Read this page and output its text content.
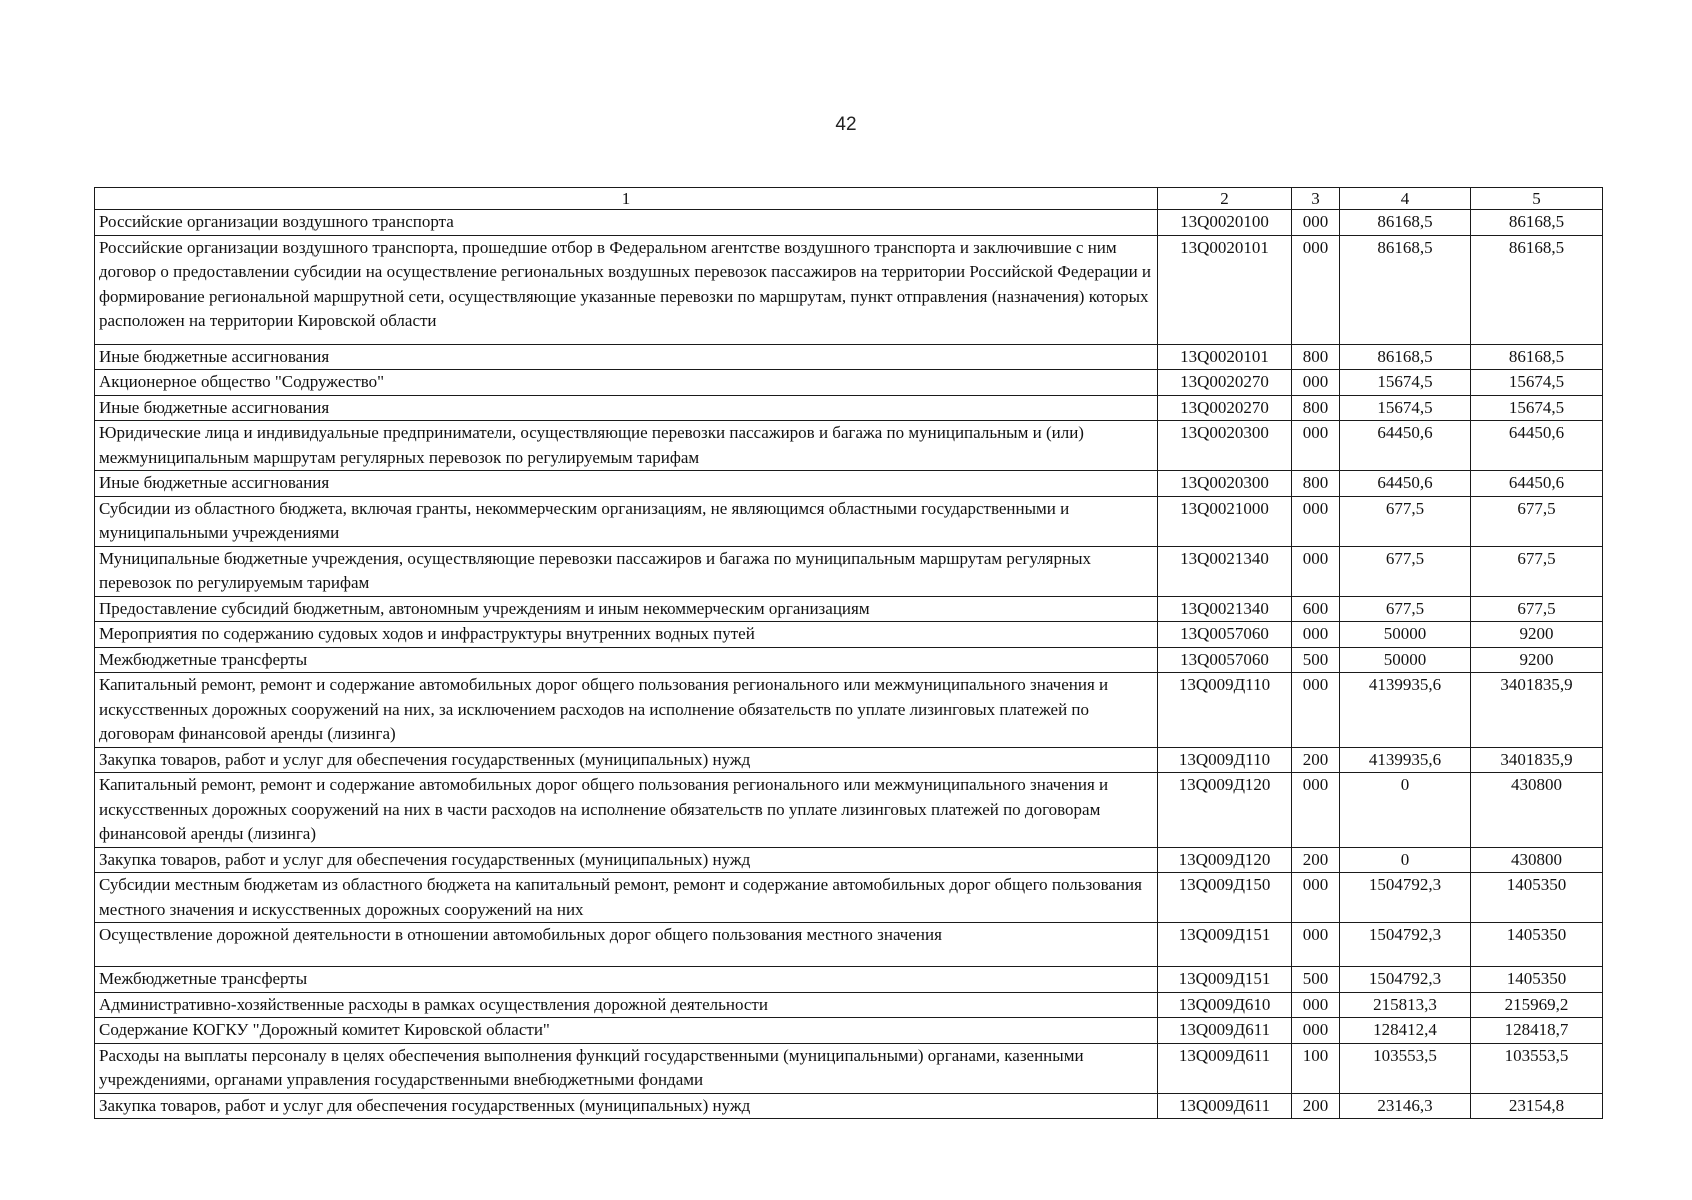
42
1	2	3	4	5
Российские организации воздушного транспорта	13Q0020100	000	86168,5	86168,5
Российские организации воздушного транспорта, прошедшие отбор в Федеральном агентстве воздушного транспорта и заключившие с ним договор о предоставлении субсидии на осуществление региональных воздушных перевозок пассажиров на территории Российской Федерации и формирование региональной маршрутной сети, осуществляющие указанные перевозки по маршрутам, пункт отправления (назначения) которых расположен на территории Кировской области	13Q0020101	000	86168,5	86168,5
Иные бюджетные ассигнования	13Q0020101	800	86168,5	86168,5
Акционерное общество "Содружество"	13Q0020270	000	15674,5	15674,5
Иные бюджетные ассигнования	13Q0020270	800	15674,5	15674,5
Юридические лица и индивидуальные предприниматели, осуществляющие перевозки пассажиров и багажа по муниципальным и (или) межмуниципальным маршрутам регулярных перевозок по регулируемым тарифам	13Q0020300	000	64450,6	64450,6
Иные бюджетные ассигнования	13Q0020300	800	64450,6	64450,6
Субсидии из областного бюджета, включая гранты, некоммерческим организациям, не являющимся областными государственными и муниципальными учреждениями	13Q0021000	000	677,5	677,5
Муниципальные бюджетные учреждения, осуществляющие перевозки пассажиров и багажа по муниципальным маршрутам регулярных перевозок по регулируемым тарифам	13Q0021340	000	677,5	677,5
Предоставление субсидий бюджетным, автономным учреждениям и иным некоммерческим организациям	13Q0021340	600	677,5	677,5
Мероприятия по содержанию судовых ходов и инфраструктуры внутренних водных путей	13Q0057060	000	50000	9200
Межбюджетные трансферты	13Q0057060	500	50000	9200
Капитальный ремонт, ремонт и содержание автомобильных дорог общего пользования регионального или межмуниципального значения и искусственных дорожных сооружений на них, за исключением расходов на исполнение обязательств по уплате лизинговых платежей по договорам финансовой аренды (лизинга)	13Q009Д110	000	4139935,6	3401835,9
Закупка товаров, работ и услуг для обеспечения государственных (муниципальных) нужд	13Q009Д110	200	4139935,6	3401835,9
Капитальный ремонт, ремонт и содержание автомобильных дорог общего пользования регионального или межмуниципального значения и искусственных дорожных сооружений на них в части расходов на исполнение обязательств по уплате лизинговых платежей по договорам финансовой аренды (лизинга)	13Q009Д120	000	0	430800
Закупка товаров, работ и услуг для обеспечения государственных (муниципальных) нужд	13Q009Д120	200	0	430800
Субсидии местным бюджетам из областного бюджета на капитальный ремонт, ремонт и содержание автомобильных дорог общего пользования местного значения и искусственных дорожных сооружений на них	13Q009Д150	000	1504792,3	1405350
Осуществление дорожной деятельности в отношении автомобильных дорог общего пользования местного значения	13Q009Д151	000	1504792,3	1405350
Межбюджетные трансферты	13Q009Д151	500	1504792,3	1405350
Административно-хозяйственные расходы в рамках осуществления дорожной деятельности	13Q009Д610	000	215813,3	215969,2
Содержание КОГКУ "Дорожный комитет Кировской области"	13Q009Д611	000	128412,4	128418,7
Расходы на выплаты персоналу в целях обеспечения выполнения функций государственными (муниципальными) органами, казенными учреждениями, органами управления государственными внебюджетными фондами	13Q009Д611	100	103553,5	103553,5
Закупка товаров, работ и услуг для обеспечения государственных (муниципальных) нужд	13Q009Д611	200	23146,3	23154,8
